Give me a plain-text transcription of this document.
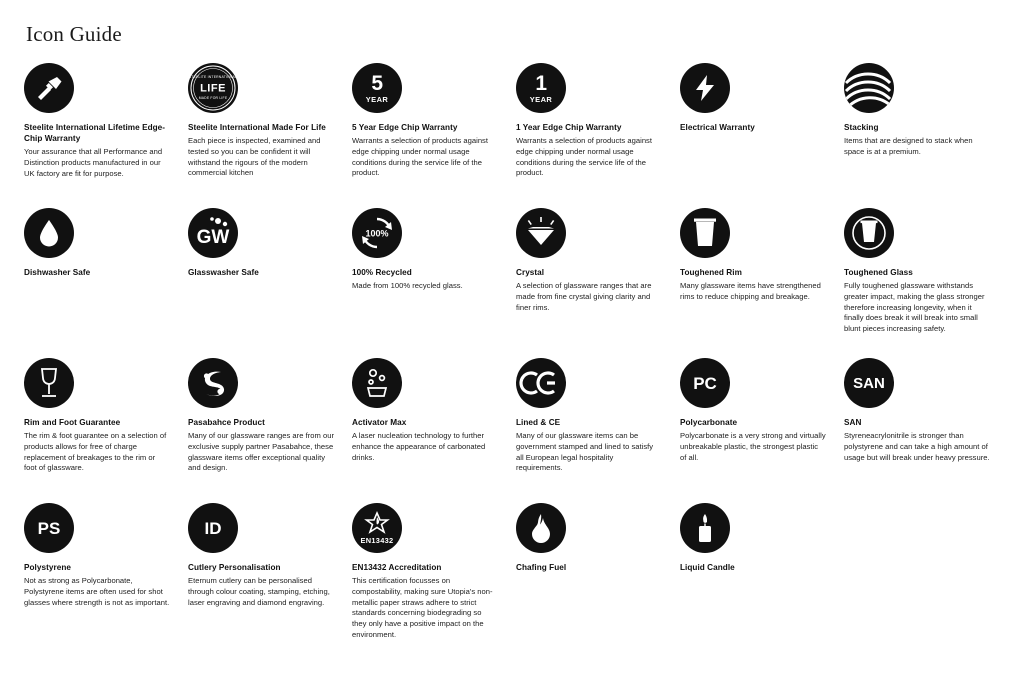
Icon Guide
Steelite International Lifetime Edge-Chip Warranty
Your assurance that all Performance and Distinction products manufactured in our UK factory are fit for purpose.
STEELITE INTERNATIONAL
LIFE
MADE FOR LIFE
Steelite International Made For Life
Each piece is inspected, examined and tested so you can be confident it will withstand the rigours of the modern commercial kitchen
5
YEAR
5 Year Edge Chip Warranty
Warrants a selection of products against edge chipping under normal usage conditions during the service life of the product.
1
YEAR
1 Year Edge Chip Warranty
Warrants a selection of products against edge chipping under normal usage conditions during the service life of the product.
Electrical Warranty	Stacking
Items that are designed to stack when space is at a premium.
Dishwasher Safe
GW
Glasswasher Safe
100%
100% Recycled
Made from 100% recycled glass.
Crystal
A selection of glassware ranges that are made from fine crystal giving clarity and finer rims.
Toughened Rim
Many glassware items have strengthened rims to reduce chipping and breakage.
Toughened Glass
Fully toughened glassware withstands greater impact, making the glass stronger therefore increasing longevity, when it finally does break it will break into small blunt pieces increasing safety.
Rim and Foot Guarantee
The rim & foot guarantee on a selection of products allows for free of charge replacement of breakages to the rim or foot of glassware.
Pasabahce Product
Many of our glassware ranges are from our exclusive supply partner Pasabahce, these glassware items offer exceptional quality and design.
Activator Max
A laser nucleation technology to further enhance the appearance of carbonated drinks.
Lined & CE
Many of our glassware items can be government stamped and lined to satisfy all European legal hospitality requirements.
PC
Polycarbonate
Polycarbonate is a very strong and virtually unbreakable plastic, the strongest plastic of all.
SAN
SAN
Styreneacrylonitrile is stronger than polystyrene and can take a high amount of usage but will break under heavy pressure.
PS
Polystyrene
Not as strong as Polycarbonate, Polystyrene items are often used for shot glasses where strength is not as important.
ID
Cutlery Personalisation
Eternum cutlery can be personalised through colour coating, stamping, etching, laser engraving and diamond engraving.
EN13432
EN13432 Accreditation
This certification focusses on compostability, making sure Utopia's non-metallic paper straws adhere to strict standards concerning biodegrading so they only have a positive impact on the environment.
Chafing Fuel	Liquid Candle
